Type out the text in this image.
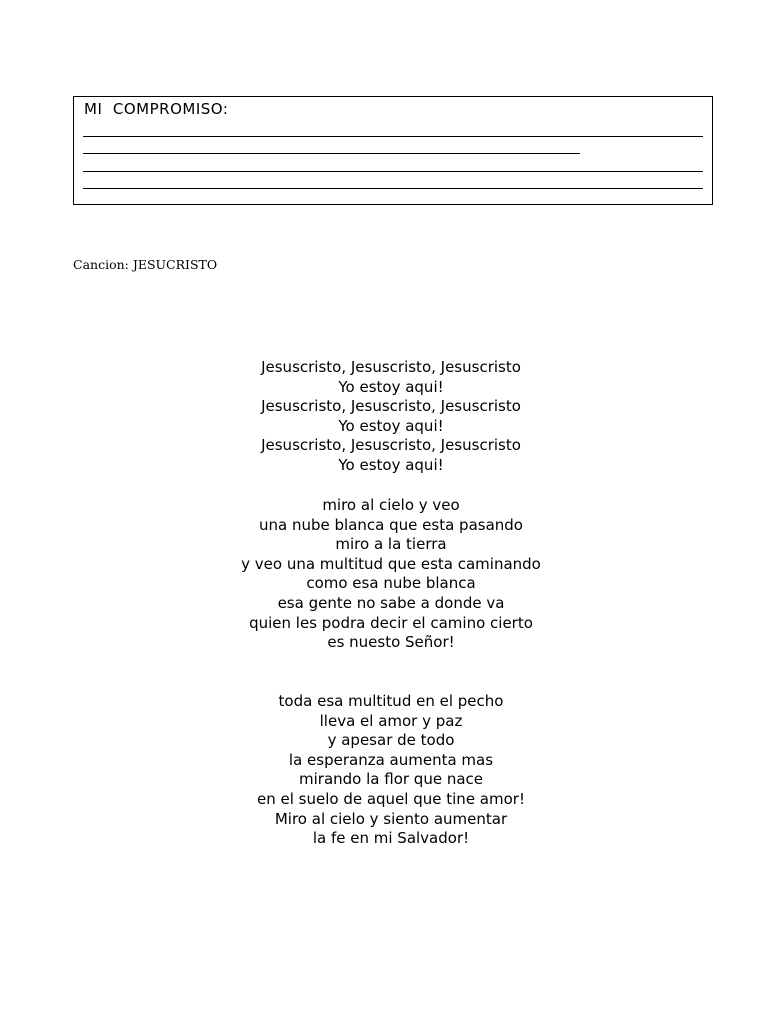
MI  COMPROMISO:
Cancion: JESUCRISTO
Jesuscristo, Jesuscristo, Jesuscristo
Yo estoy aqui!
Jesuscristo, Jesuscristo, Jesuscristo
Yo estoy aqui!
Jesuscristo, Jesuscristo, Jesuscristo
Yo estoy aqui!
miro al cielo y veo
una nube blanca que esta pasando
miro a la tierra
y veo una multitud que esta caminando
como esa nube blanca
esa gente no sabe a donde va
quien les podra decir el camino cierto
es nuesto Señor!
toda esa multitud en el pecho
lleva el amor y paz
y apesar de todo
la esperanza aumenta mas
mirando la flor que nace
en el suelo de aquel que tine amor!
Miro al cielo y siento aumentar
la fe en mi Salvador!
